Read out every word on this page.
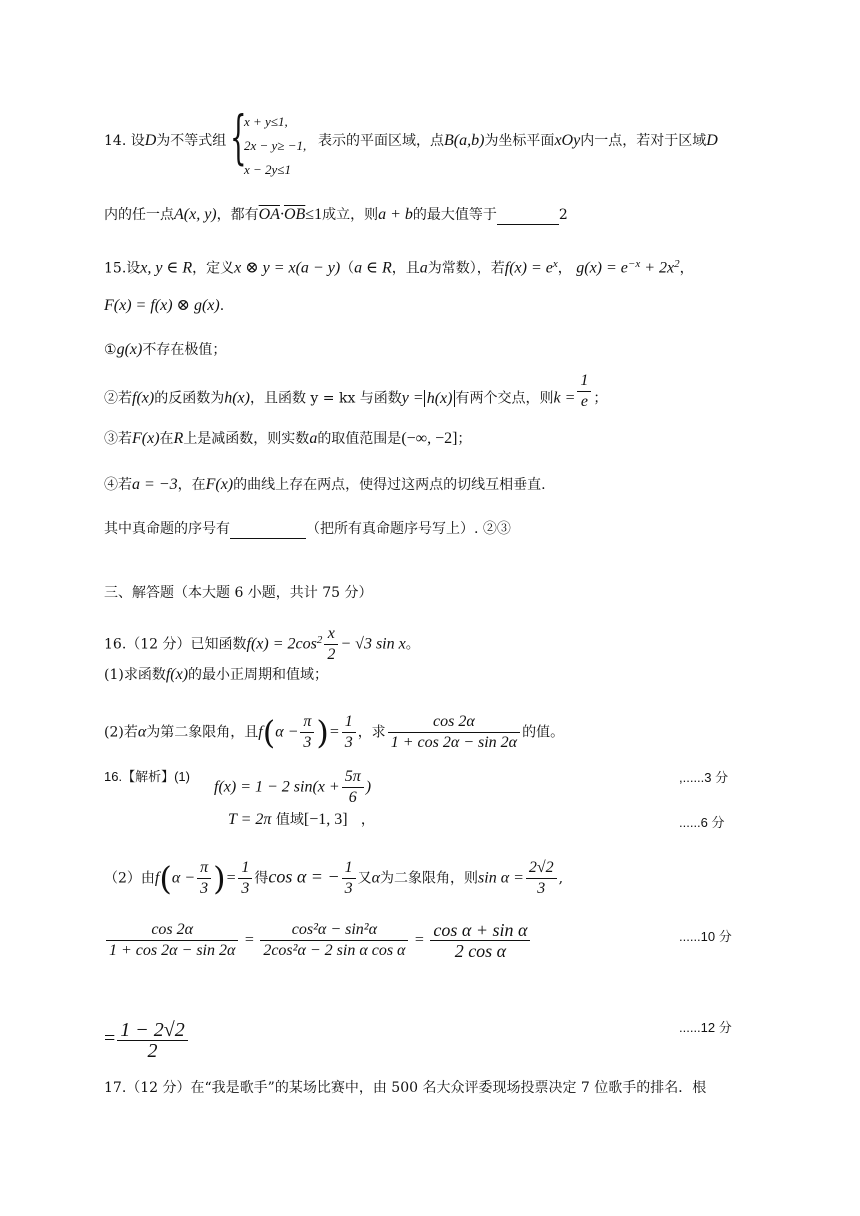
14. 设D为不等式组 {
x + y≤1,
2x − y≥ −1,
x − 2y≤1
表示的平面区域，点B(a,b)为坐标平面xOy内一点，若对于区域D
内的任一点A(x, y)，都有$\overline{OA}\cdot\overline{OB}\le 1$成立，则a + b的最大值等于	2
15.设x, y ∈ R，定义x ⊗ y = x(a − y)（a ∈ R，且a为常数），若$f(x) = e^x$， $g(x) = e^{-x} + 2x^2$，
F(x) = f(x) ⊗ g(x).
①g(x)不存在极值；
②若f(x)的反函数为h(x)，且函数 y = kx 与函数y = h(x) 有两个交点，则$k = \frac{1}{e}$ ；
③若F(x)在R上是减函数，则实数a的取值范围是(−∞, −2]；
④若a = −3，在F(x)的曲线上存在两点，使得过这两点的切线互相垂直.
其中真命题的序号有	（把所有真命题序号写上）. ②③
三、解答题（本大题 6 小题，共计 75 分）
16.（12 分）已知函数$f(x) = 2\cos^2 \frac{x}{2} - √3$ sin x。
(1)求函数f(x)的最小正周期和值域；
(2)若α为第二象限角，且$f(\alpha - \frac{\pi}{3}$ )= $\frac{1}{3}$ ，求 $\frac{\cos 2\alpha}{1 + \cos 2\alpha - \sin 2\alpha}$ 的值。
16.【解析】(1)
f(x) = 1 − 2 $\sin(x + \frac{5\pi}{6}$ )
,......3 分
T = 2π 值域[−1, 3] ，	......6 分
（2）由$f(\alpha - \frac{\pi}{3}$ )= $\frac{1}{3}$ 得cos α = − $\frac{1}{3}$ 又α为二象限角，则$\sin \alpha = \frac{2√2}{3}$ ,
$\frac{\cos 2\alpha}{1 + \cos 2\alpha - \sin 2\alpha} = \frac{\text{cos²α − sin²α}}{\text{2cos²α − 2 sin α cos α}} = \frac{\text{cos α + sin α}}{\text{2 cos α}}$	......10 分
= $\frac{1 - 2√2}{2}$	......12 分
17.（12 分）在“我是歌手”的某场比赛中，由 500 名大众评委现场投票决定 7 位歌手的排名．根
